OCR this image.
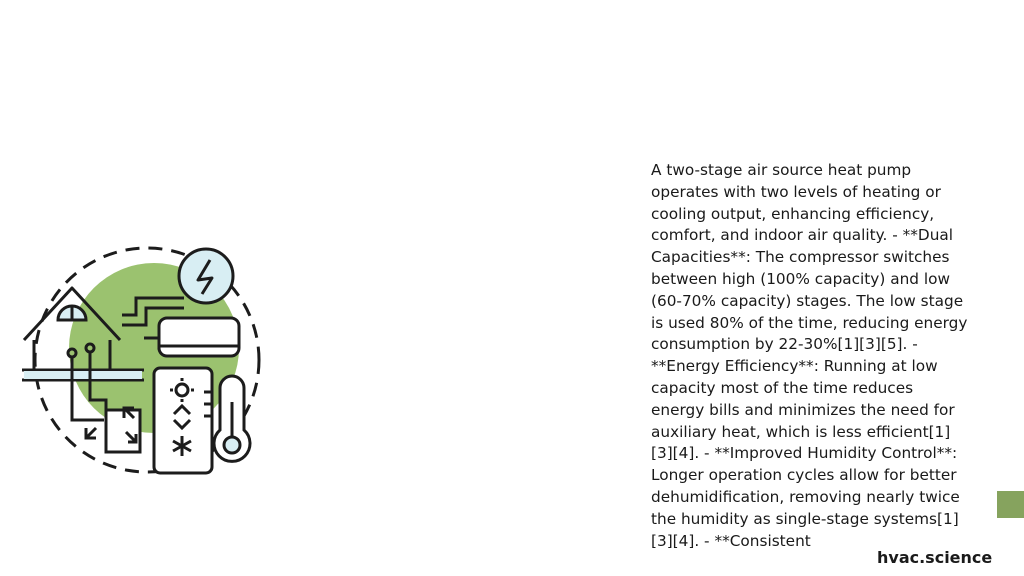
A two-stage air source heat pump operates with two levels of heating or cooling output, enhancing efficiency, comfort, and indoor air quality. - **Dual Capacities**: The compressor switches between high (100% capacity) and low (60-70% capacity) stages. The low stage is used 80% of the time, reducing energy consumption by 22-30%[1][3][5]. - **Energy Efficiency**: Running at low capacity most of the time reduces energy bills and minimizes the need for auxiliary heat, which is less efficient[1][3][4]. - **Improved Humidity Control**: Longer operation cycles allow for better dehumidification, removing nearly twice the humidity as single-stage systems[1][3][4]. - **Consistent

hvac.science
